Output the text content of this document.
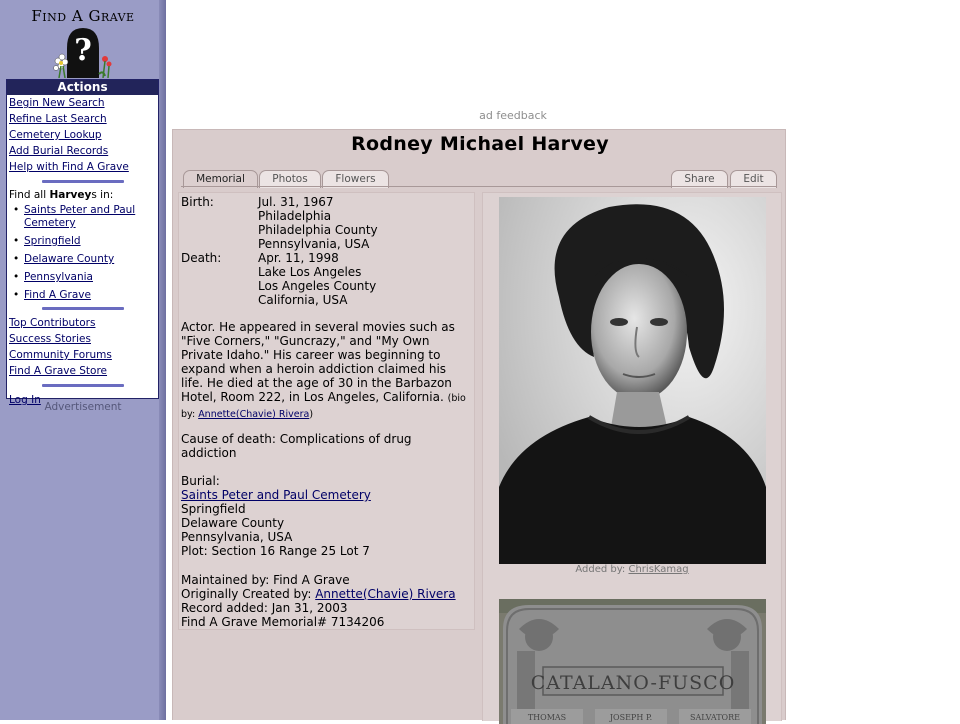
Find A Grave
?
Actions
Begin New Search
Refine Last Search
Cemetery Lookup
Add Burial Records
Help with Find A Grave
Find all Harveys in:
• Saints Peter and Paul Cemetery
• Springfield
• Delaware County
• Pennsylvania
• Find A Grave
Top Contributors
Success Stories
Community Forums
Find A Grave Store
Log In
Advertisement
ad feedback
Rodney Michael Harvey
Memorial	Photos	Flowers	Share	Edit
Birth:	Jul. 31, 1967
Philadelphia
Philadelphia County
Pennsylvania, USA
Death:	Apr. 11, 1998
Lake Los Angeles
Los Angeles County
California, USA
Actor. He appeared in several movies such as "Five Corners," "Guncrazy," and "My Own Private Idaho." His career was beginning to expand when a heroin addiction claimed his life. He died at the age of 30 in the Barbazon Hotel, Room 222, in Los Angeles, California. (bio by: Annette(Chavie) Rivera)
Cause of death: Complications of drug addiction
Burial:
Saints Peter and Paul Cemetery
Springfield
Delaware County
Pennsylvania, USA
Plot: Section 16 Range 25 Lot 7
Maintained by: Find A Grave
Originally Created by: Annette(Chavie) Rivera
Record added: Jan 31, 2003
Find A Grave Memorial# 7134206
Added by: ChrisKamag
CATALANO-FUSCO
THOMAS	JOSEPH P.	SALVATORE
